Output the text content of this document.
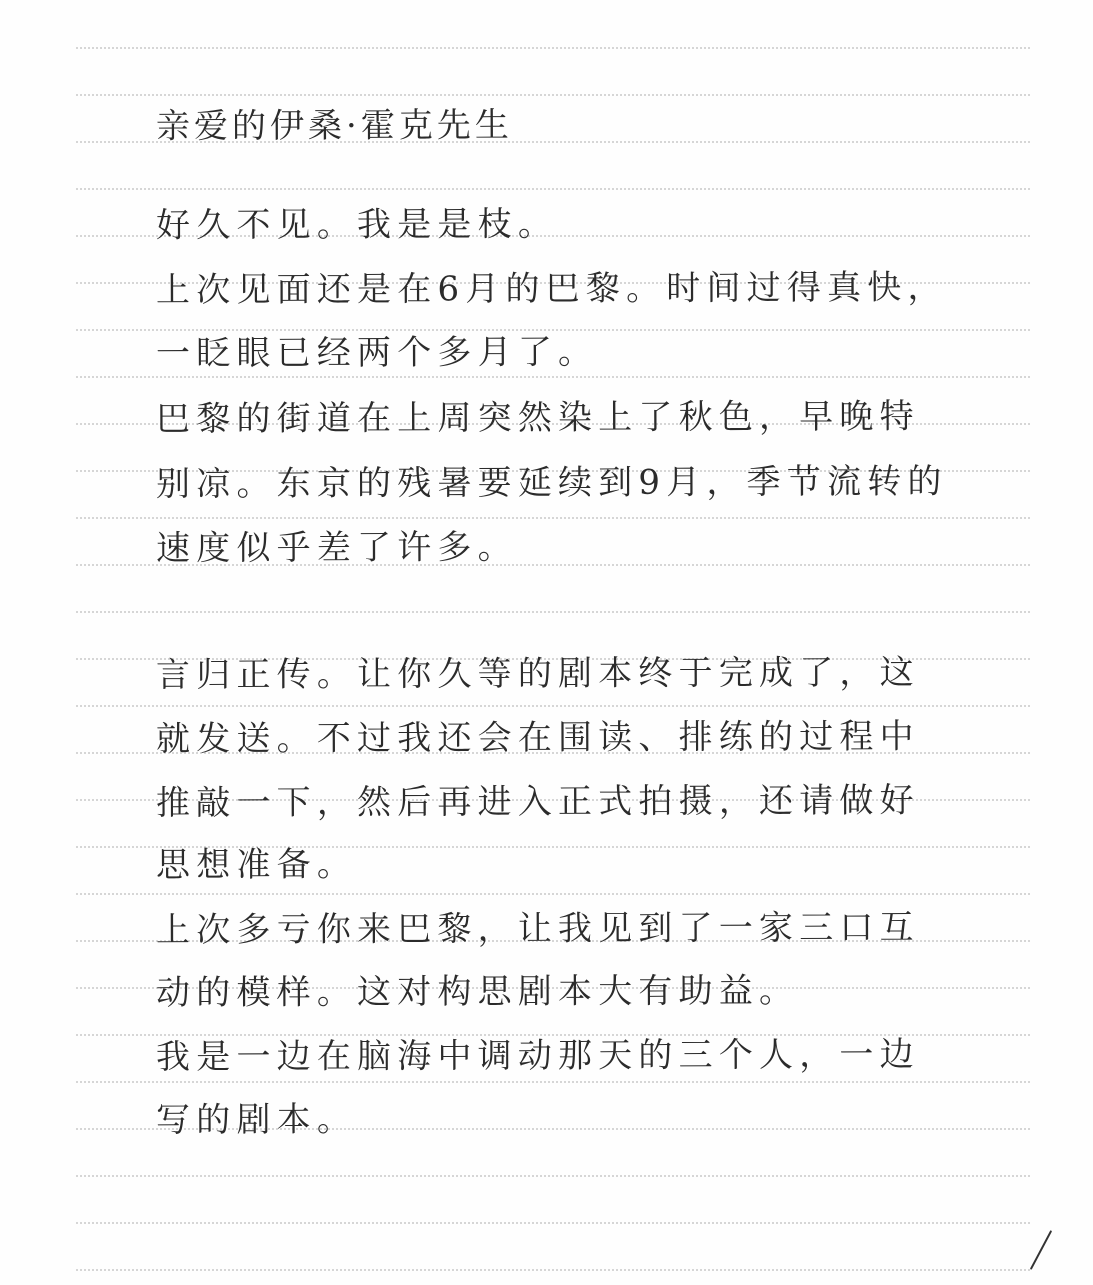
亲爱的伊桑·霍克先生
好久不见。我是是枝。
上次见面还是在6月的巴黎。时间过得真快，
一眨眼已经两个多月了。
巴黎的街道在上周突然染上了秋色，早晚特
别凉。东京的残暑要延续到9月，季节流转的
速度似乎差了许多。
言归正传。让你久等的剧本终于完成了，这
就发送。不过我还会在围读、排练的过程中
推敲一下，然后再进入正式拍摄，还请做好
思想准备。
上次多亏你来巴黎，让我见到了一家三口互
动的模样。这对构思剧本大有助益。
我是一边在脑海中调动那天的三个人，一边
写的剧本。
